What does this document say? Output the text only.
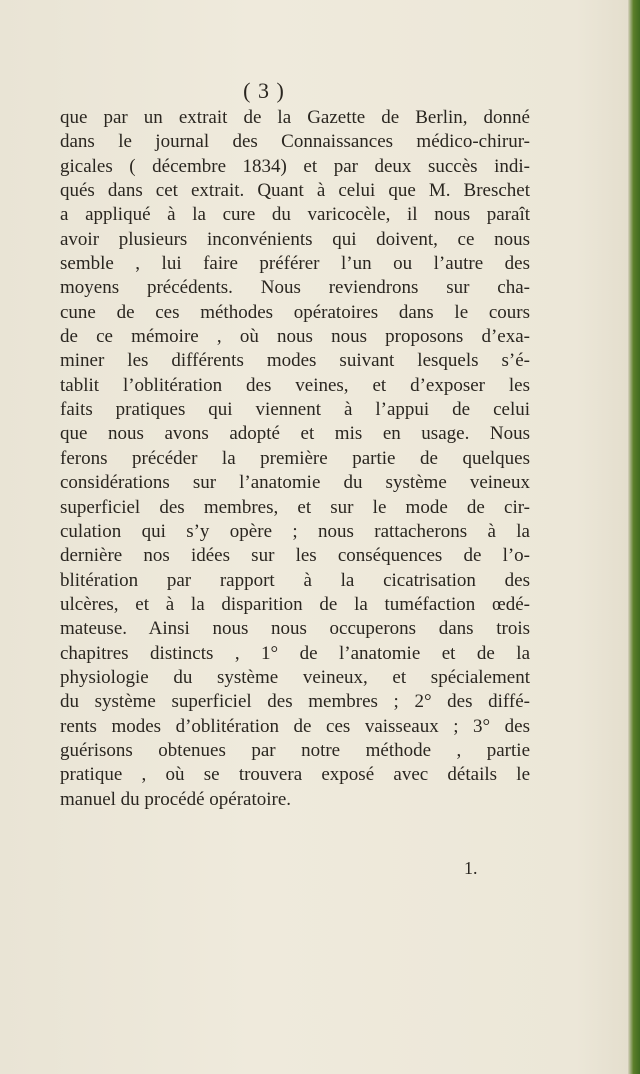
( 3 )
que par un extrait de la Gazette de Berlin, donné
dans le journal des Connaissances médico-chirur-
gicales ( décembre 1834) et par deux succès indi-
qués dans cet extrait. Quant à celui que M. Breschet
a appliqué à la cure du varicocèle, il nous paraît
avoir plusieurs inconvénients qui doivent, ce nous
semble , lui faire préférer l’un ou l’autre des
moyens précédents. Nous reviendrons sur cha-
cune de ces méthodes opératoires dans le cours
de ce mémoire , où nous nous proposons d’exa-
miner les différents modes suivant lesquels s’é-
tablit l’oblitération des veines, et d’exposer les
faits pratiques qui viennent à l’appui de celui
que nous avons adopté et mis en usage. Nous
ferons précéder la première partie de quelques
considérations sur l’anatomie du système veineux
superficiel des membres, et sur le mode de cir-
culation qui s’y opère ; nous rattacherons à la
dernière nos idées sur les conséquences de l’o-
blitération par rapport à la cicatrisation des
ulcères, et à la disparition de la tuméfaction œdé-
mateuse. Ainsi nous nous occuperons dans trois
chapitres distincts , 1° de l’anatomie et de la
physiologie du système veineux, et spécialement
du système superficiel des membres ; 2° des diffé-
rents modes d’oblitération de ces vaisseaux ; 3° des
guérisons obtenues par notre méthode , partie
pratique , où se trouvera exposé avec détails le
manuel du procédé opératoire.
1.
